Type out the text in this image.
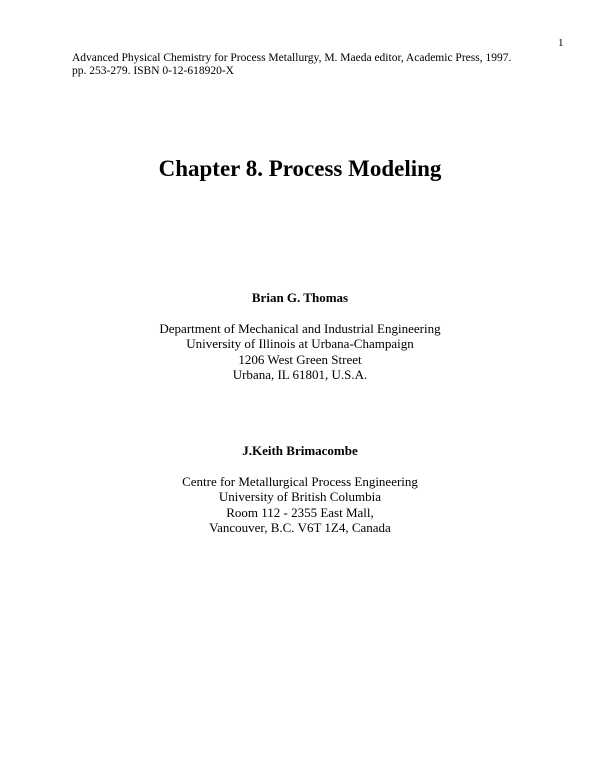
1
Advanced Physical Chemistry for Process Metallurgy, M. Maeda editor, Academic Press, 1997.
pp. 253-279. ISBN 0-12-618920-X
Chapter 8. Process Modeling
Brian G. Thomas
Department of Mechanical and Industrial Engineering
University of Illinois at Urbana-Champaign
1206 West Green Street
Urbana, IL 61801, U.S.A.
J.Keith Brimacombe
Centre for Metallurgical Process Engineering
University of British Columbia
Room 112 - 2355 East Mall,
Vancouver, B.C. V6T 1Z4, Canada
